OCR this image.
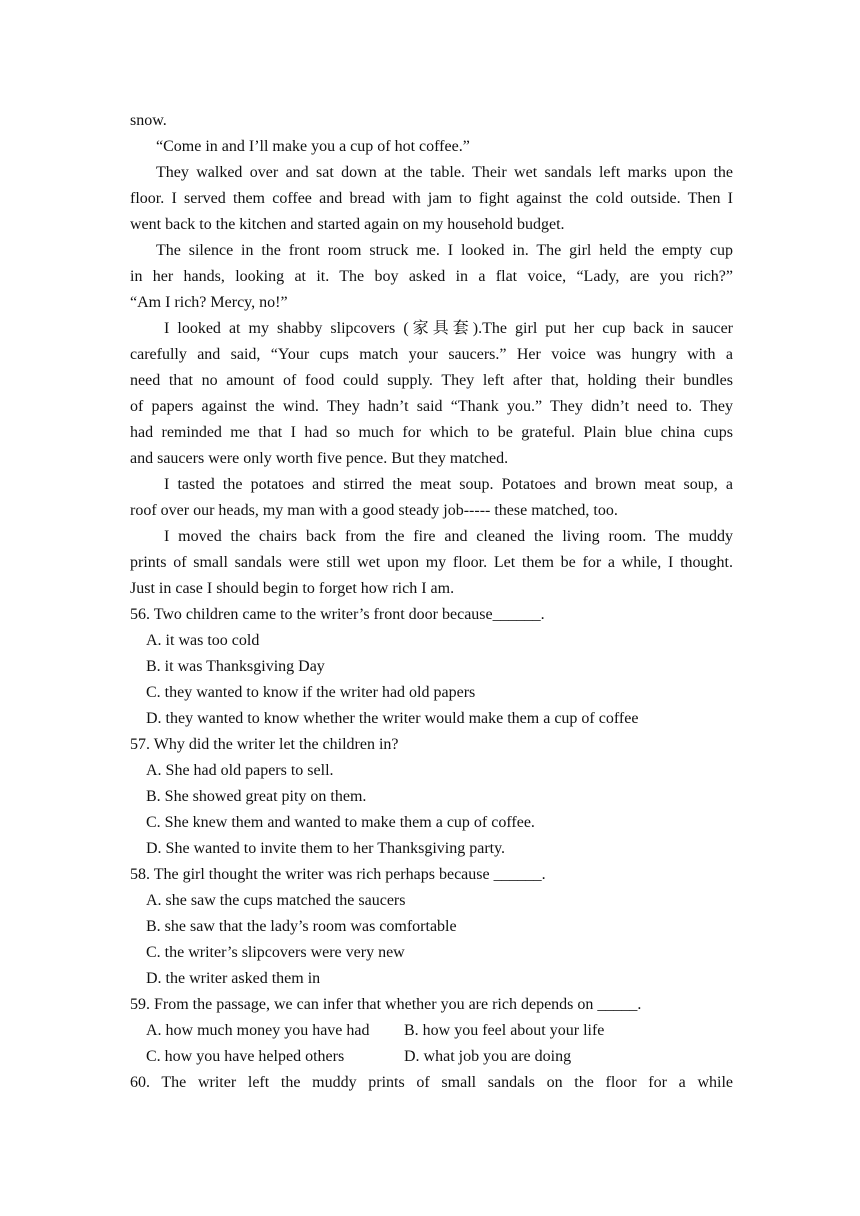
snow.
“Come in and I’ll make you a cup of hot coffee.”
They walked over and sat down at the table. Their wet sandals left marks upon the
floor. I served them coffee and bread with jam to fight against the cold outside. Then I
went back to the kitchen and started again on my household budget.
The silence in the front room struck me. I looked in. The girl held the empty cup
in her hands, looking at it. The boy asked in a flat voice, “Lady, are you rich?”
“Am I rich? Mercy, no!”
I looked at my shabby slipcovers (家具套).The girl put her cup back in saucer
carefully and said, “Your cups match your saucers.” Her voice was hungry with a
need that no amount of food could supply. They left after that, holding their bundles
of papers against the wind. They hadn’t said “Thank you.” They didn’t need to. They
had reminded me that I had so much for which to be grateful. Plain blue china cups
and saucers were only worth five pence. But they matched.
I tasted the potatoes and stirred the meat soup. Potatoes and brown meat soup, a
roof over our heads, my man with a good steady job----- these matched, too.
I moved the chairs back from the fire and cleaned the living room. The muddy
prints of small sandals were still wet upon my floor. Let them be for a while, I thought.
Just in case I should begin to forget how rich I am.
56. Two children came to the writer’s front door because______.
A. it was too cold
B. it was Thanksgiving Day
C. they wanted to know if the writer had old papers
D. they wanted to know whether the writer would make them a cup of coffee
57. Why did the writer let the children in?
A. She had old papers to sell.
B. She showed great pity on them.
C. She knew them and wanted to make them a cup of coffee.
D. She wanted to invite them to her Thanksgiving party.
58. The girl thought the writer was rich perhaps because ______.
A. she saw the cups matched the saucers
B. she saw that the lady’s room was comfortable
C. the writer’s slipcovers were very new
D. the writer asked them in
59. From the passage, we can infer that whether you are rich depends on _____.
A. how much money you have had	B. how you feel about your life
C. how you have helped others	D. what job you are doing
60. The writer left the muddy prints of small sandals on the floor for a while
